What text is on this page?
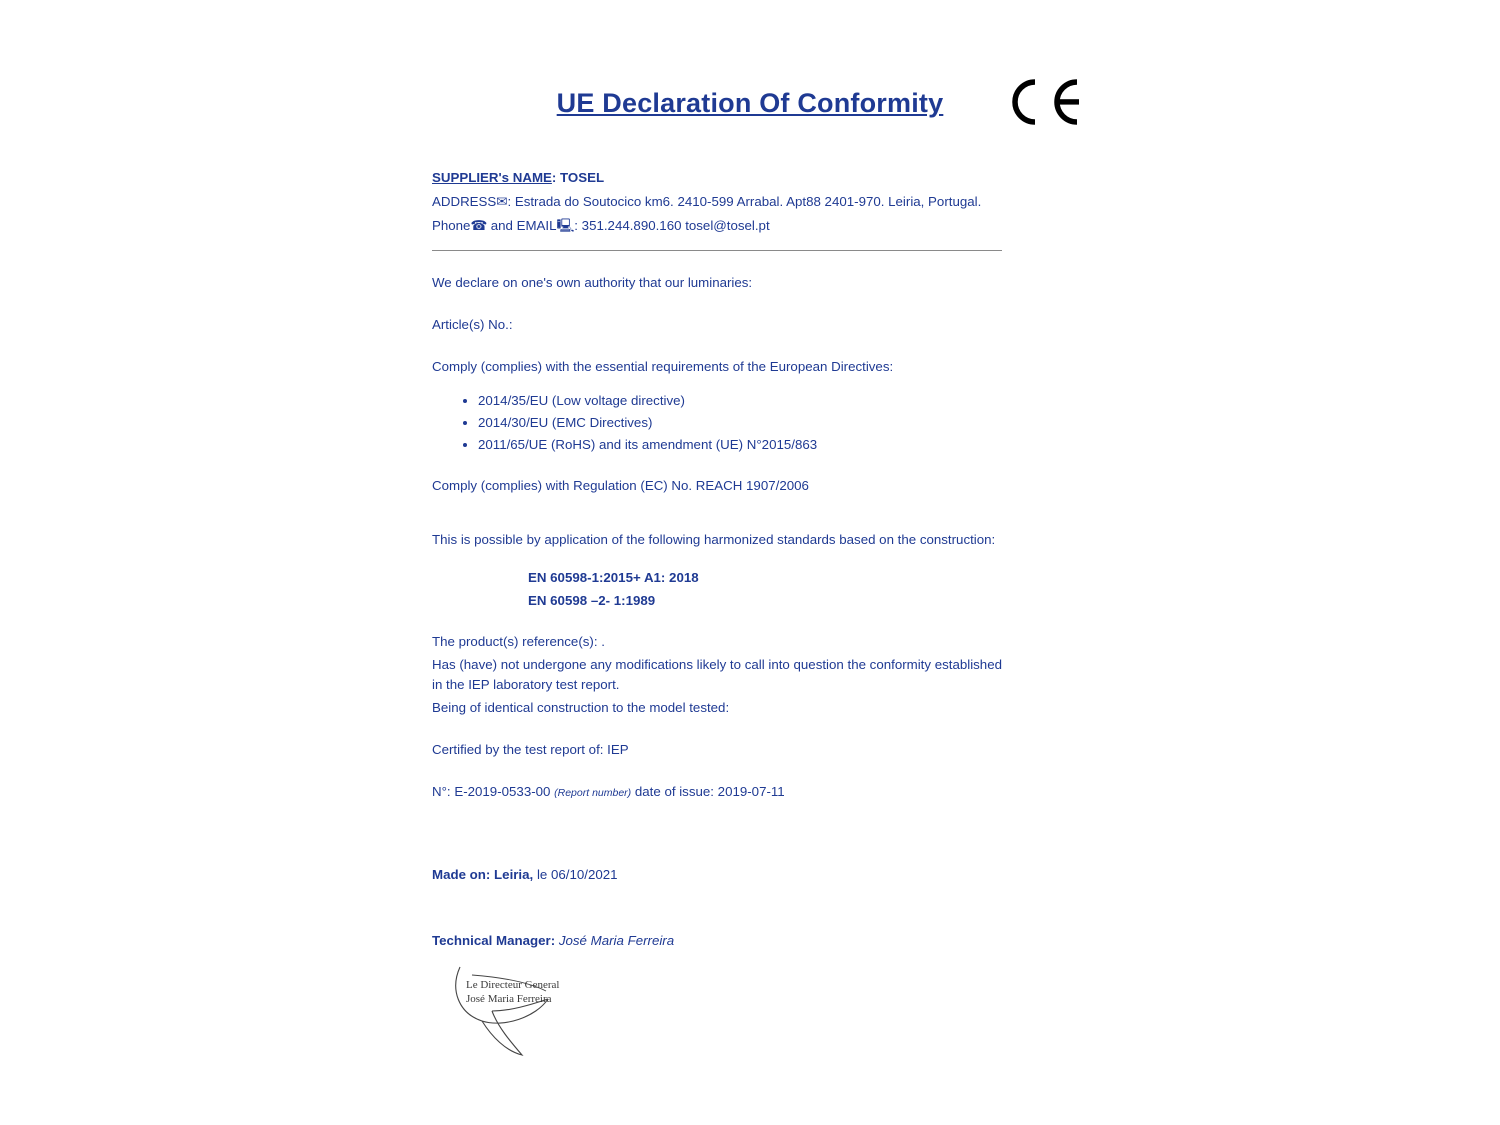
UE Declaration Of Conformity
SUPPLIER's NAME: TOSEL
ADDRESS✉: Estrada do Soutocico km6. 2410-599 Arrabal. Apt88 2401-970. Leiria, Portugal.
Phone☎ and EMAIL🖳: 351.244.890.160 tosel@tosel.pt
We declare on one's own authority that our luminaries:
Article(s) No.:
Comply (complies) with the essential requirements of the European Directives:
• 2014/35/EU (Low voltage directive)
• 2014/30/EU (EMC Directives)
• 2011/65/UE (RoHS) and its amendment (UE) N°2015/863
Comply (complies) with Regulation (EC) No. REACH 1907/2006
This is possible by application of the following harmonized standards based on the construction:
EN 60598-1:2015+ A1: 2018
EN 60598 –2- 1:1989
The product(s) reference(s): .
Has (have) not undergone any modifications likely to call into question the conformity established in the IEP laboratory test report.
Being of identical construction to the model tested:
Certified by the test report of: IEP
N°: E-2019-0533-00 (Report number) date of issue: 2019-07-11
Made on: Leiria, le 06/10/2021
Technical Manager: José Maria Ferreira
Le Directeur General
José Maria Ferreira
